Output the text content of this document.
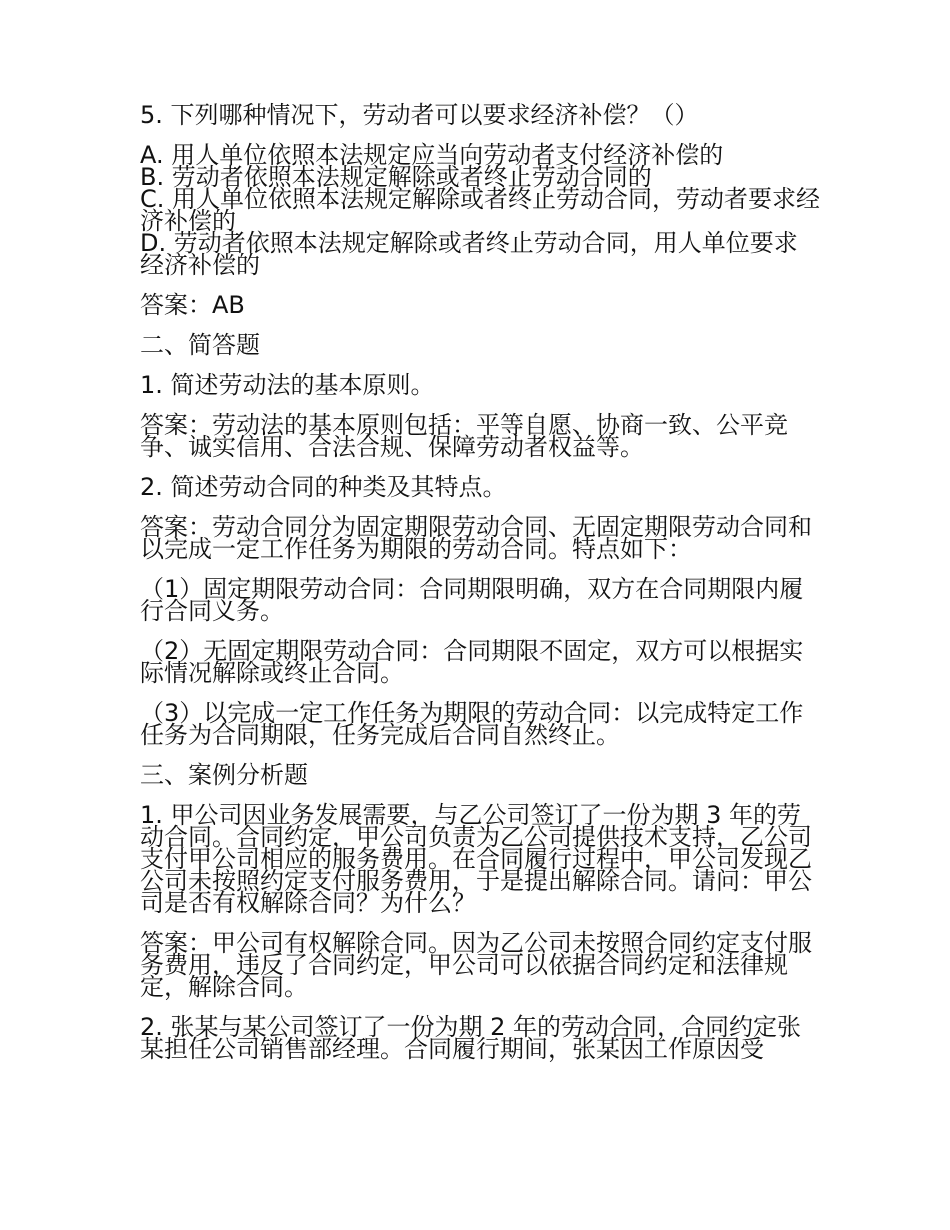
5. 下列哪种情况下，劳动者可以要求经济补偿？（）
A. 用人单位依照本法规定应当向劳动者支付经济补偿的
B. 劳动者依照本法规定解除或者终止劳动合同的
C. 用人单位依照本法规定解除或者终止劳动合同，劳动者要求经济补偿的
D. 劳动者依照本法规定解除或者终止劳动合同，用人单位要求经济补偿的
答案：AB
二、简答题
1. 简述劳动法的基本原则。
答案：劳动法的基本原则包括：平等自愿、协商一致、公平竞争、诚实信用、合法合规、保障劳动者权益等。
2. 简述劳动合同的种类及其特点。
答案：劳动合同分为固定期限劳动合同、无固定期限劳动合同和以完成一定工作任务为期限的劳动合同。特点如下：
（1）固定期限劳动合同：合同期限明确，双方在合同期限内履行合同义务。
（2）无固定期限劳动合同：合同期限不固定，双方可以根据实际情况解除或终止合同。
（3）以完成一定工作任务为期限的劳动合同：以完成特定工作任务为合同期限，任务完成后合同自然终止。
三、案例分析题
1. 甲公司因业务发展需要，与乙公司签订了一份为期 3 年的劳动合同。合同约定，甲公司负责为乙公司提供技术支持，乙公司支付甲公司相应的服务费用。在合同履行过程中，甲公司发现乙公司未按照约定支付服务费用，于是提出解除合同。请问：甲公司是否有权解除合同？为什么？
答案：甲公司有权解除合同。因为乙公司未按照合同约定支付服务费用，违反了合同约定，甲公司可以依据合同约定和法律规定，解除合同。
2. 张某与某公司签订了一份为期 2 年的劳动合同，合同约定张某担任公司销售部经理。合同履行期间，张某因工作原因受
